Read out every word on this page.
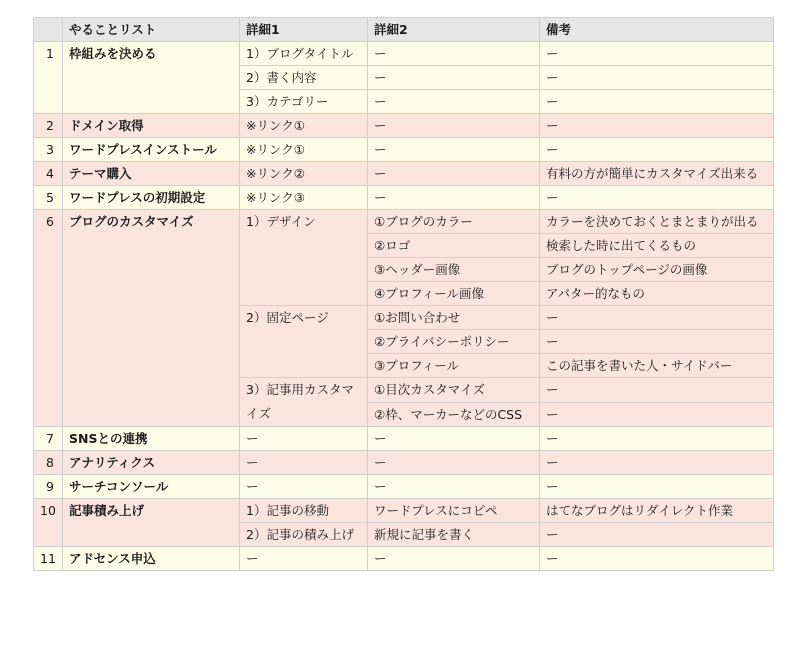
	やることリスト	詳細1	詳細2	備考
1	枠組みを決める	1）ブログタイトル	ー	ー
		2）書く内容	ー	ー
		3）カテゴリー	ー	ー
2	ドメイン取得	※リンク①	ー	ー
3	ワードプレスインストール	※リンク①	ー	ー
4	テーマ購入	※リンク②	ー	有料の方が簡単にカスタマイズ出来る
5	ワードプレスの初期設定	※リンク③	ー	ー
6	ブログのカスタマイズ	1）デザイン	①ブログのカラー	カラーを決めておくとまとまりが出る
			②ロゴ	検索した時に出てくるもの
			③ヘッダー画像	ブログのトップページの画像
			④プロフィール画像	アバター的なもの
		2）固定ページ	①お問い合わせ	ー
			②プライバシーポリシー	ー
			③プロフィール	この記事を書いた人・サイドバー
		3）記事用カスタマイズ	①目次カスタマイズ	ー
			②枠、マーカーなどのCSS	ー
7	SNSとの連携	ー	ー	ー
8	アナリティクス	ー	ー	ー
9	サーチコンソール	ー	ー	ー
10	記事積み上げ	1）記事の移動	ワードプレスにコピペ	はてなブログはリダイレクト作業
		2）記事の積み上げ	新規に記事を書く	ー
11	アドセンス申込	ー	ー	ー
